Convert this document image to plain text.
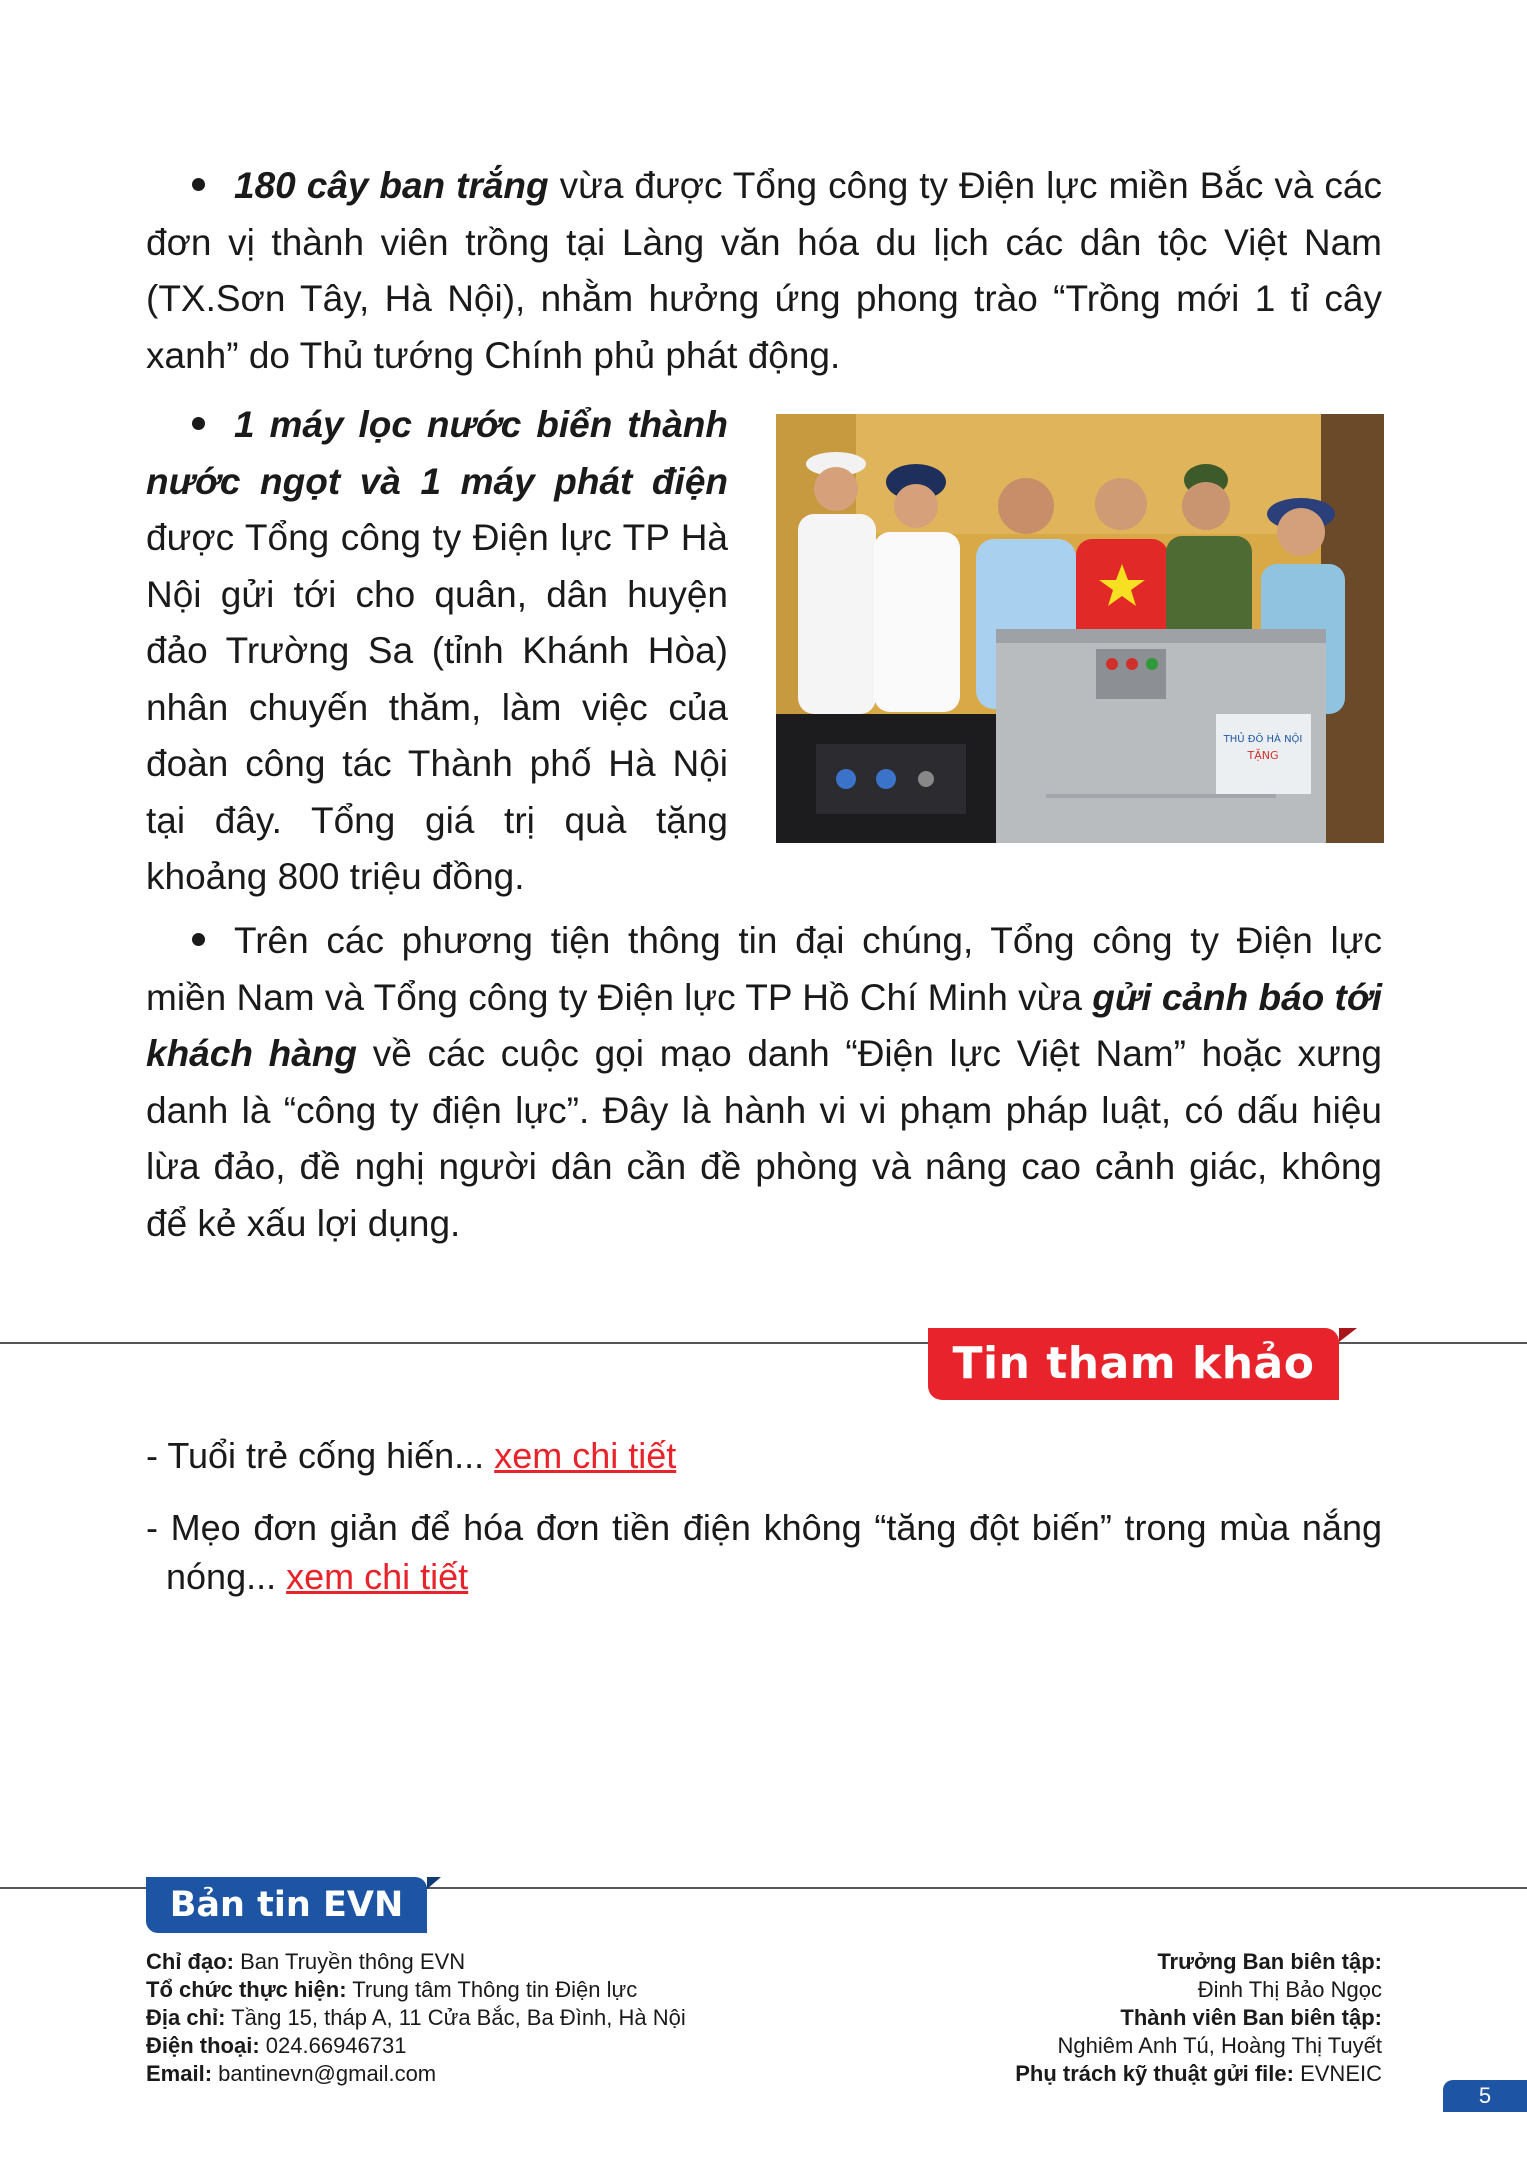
180 cây ban trắng vừa được Tổng công ty Điện lực miền Bắc và các đơn vị thành viên trồng tại Làng văn hóa du lịch các dân tộc Việt Nam (TX.Sơn Tây, Hà Nội), nhằm hưởng ứng phong trào “Trồng mới 1 tỉ cây xanh” do Thủ tướng Chính phủ phát động.

1 máy lọc nước biển thành nước ngọt và 1 máy phát điện được Tổng công ty Điện lực TP Hà Nội gửi tới cho quân, dân huyện đảo Trường Sa (tỉnh Khánh Hòa) nhân chuyến thăm, làm việc của đoàn công tác Thành phố Hà Nội tại đây. Tổng giá trị quà tặng khoảng 800 triệu đồng.

THỦ ĐÔ HÀ NỘI
TẶNG

Trên các phương tiện thông tin đại chúng, Tổng công ty Điện lực miền Nam và Tổng công ty Điện lực TP Hồ Chí Minh vừa gửi cảnh báo tới khách hàng về các cuộc gọi mạo danh “Điện lực Việt Nam” hoặc xưng danh là “công ty điện lực”. Đây là hành vi vi phạm pháp luật, có dấu hiệu lừa đảo, đề nghị người dân cần đề phòng và nâng cao cảnh giác, không để kẻ xấu lợi dụng.

Tin tham khảo

- Tuổi trẻ cống hiến... xem chi tiết

- Mẹo đơn giản để hóa đơn tiền điện không “tăng đột biến” trong mùa nắng nóng... xem chi tiết

Bản tin EVN
Chỉ đạo: Ban Truyền thông EVN
Tổ chức thực hiện: Trung tâm Thông tin Điện lực
Địa chỉ: Tầng 15, tháp A, 11 Cửa Bắc, Ba Đình, Hà Nội
Điện thoại: 024.66946731
Email: bantinevn@gmail.com
Trưởng Ban biên tập:
Đinh Thị Bảo Ngọc
Thành viên Ban biên tập:
Nghiêm Anh Tú, Hoàng Thị Tuyết
Phụ trách kỹ thuật gửi file: EVNEIC
5
